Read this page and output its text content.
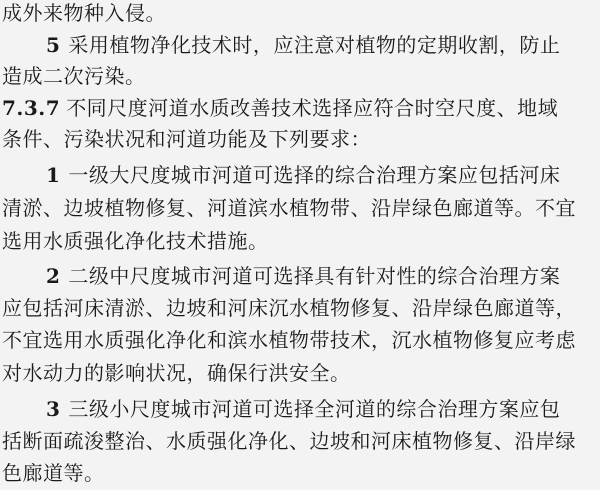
成外来物种入侵。
5 采用植物净化技术时，应注意对植物的定期收割，防止
造成二次污染。
7.3.7 不同尺度河道水质改善技术选择应符合时空尺度、地域
条件、污染状况和河道功能及下列要求：
1 一级大尺度城市河道可选择的综合治理方案应包括河床
清淤、边坡植物修复、河道滨水植物带、沿岸绿色廊道等。不宜
选用水质强化净化技术措施。
2 二级中尺度城市河道可选择具有针对性的综合治理方案
应包括河床清淤、边坡和河床沉水植物修复、沿岸绿色廊道等，
不宜选用水质强化净化和滨水植物带技术，沉水植物修复应考虑
对水动力的影响状况，确保行洪安全。
3 三级小尺度城市河道可选择全河道的综合治理方案应包
括断面疏浚整治、水质强化净化、边坡和河床植物修复、沿岸绿
色廊道等。
